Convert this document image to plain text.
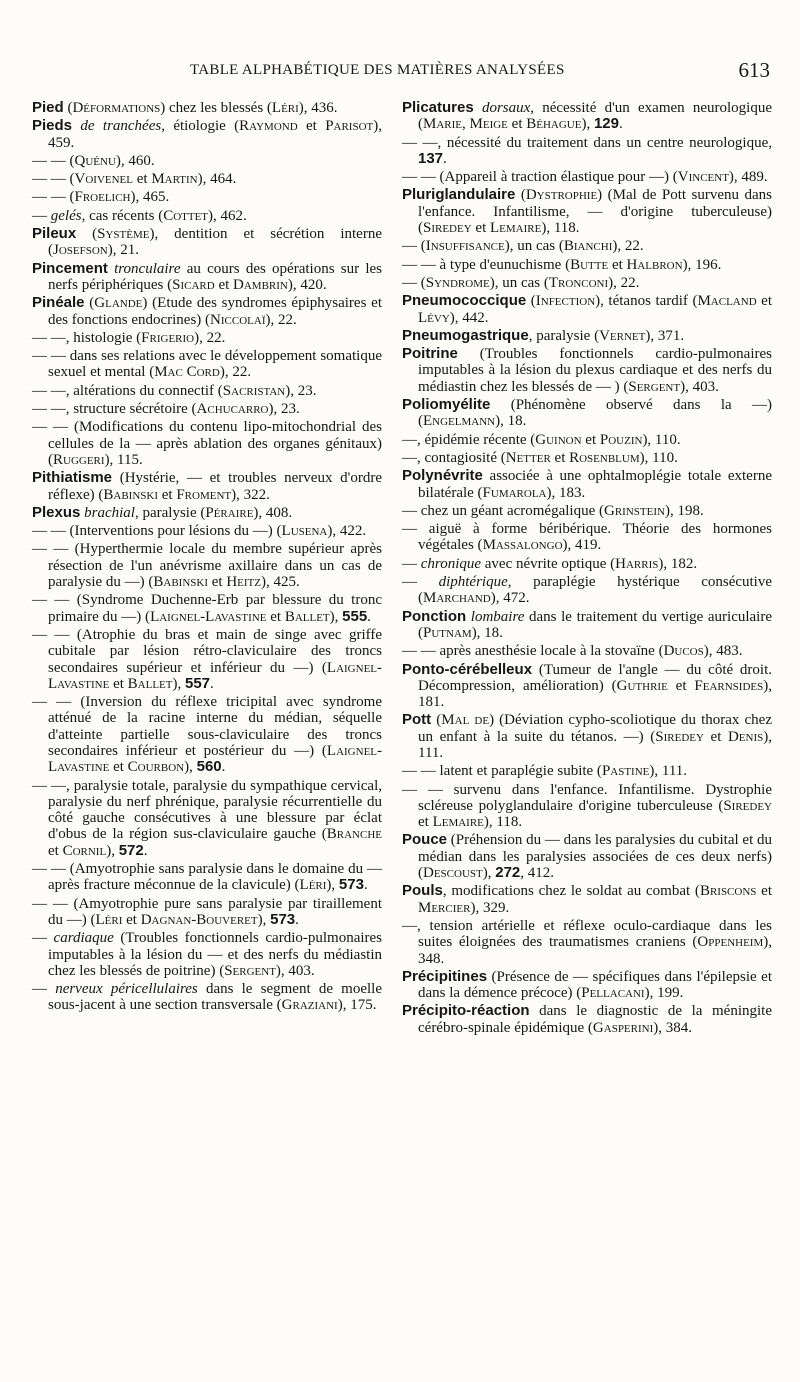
TABLE ALPHABÉTIQUE DES MATIÈRES ANALYSÉES	613

Pied (Déformations) chez les blessés (Léri), 436.

Pieds de tranchées, étiologie (Raymond et Parisot), 459.

— — (Quénu), 460.

— — (Voivenel et Martin), 464.

— — (Froelich), 465.

— gelés, cas récents (Cottet), 462.

Pileux (Système), dentition et sécrétion interne (Josefson), 21.

Pincement tronculaire au cours des opérations sur les nerfs périphériques (Sicard et Dambrin), 420.

Pinéale (Glande) (Etude des syndromes épiphysaires et des fonctions endocrines) (Niccolaï), 22.

— —, histologie (Frigerio), 22.

— — dans ses relations avec le développement somatique sexuel et mental (Mac Cord), 22.

— —, altérations du connectif (Sacristan), 23.

— —, structure sécrétoire (Achucarro), 23.

— — (Modifications du contenu lipo-mitochondrial des cellules de la — après ablation des organes génitaux) (Ruggeri), 115.

Pithiatisme (Hystérie, — et troubles nerveux d'ordre réflexe) (Babinski et Froment), 322.

Plexus brachial, paralysie (Péraire), 408.

— — (Interventions pour lésions du —) (Lusena), 422.

— — (Hyperthermie locale du membre supérieur après résection de l'un anévrisme axillaire dans un cas de paralysie du —) (Babinski et Heitz), 425.

— — (Syndrome Duchenne-Erb par blessure du tronc primaire du —) (Laignel-Lavastine et Ballet), 555.

— — (Atrophie du bras et main de singe avec griffe cubitale par lésion rétro-claviculaire des troncs secondaires supérieur et inférieur du —) (Laignel-Lavastine et Ballet), 557.

— — (Inversion du réflexe tricipital avec syndrome atténué de la racine interne du médian, séquelle d'atteinte partielle sous-claviculaire des troncs secondaires inférieur et postérieur du —) (Laignel-Lavastine et Courbon), 560.

— —, paralysie totale, paralysie du sympathique cervical, paralysie du nerf phrénique, paralysie récurrentielle du côté gauche consécutives à une blessure par éclat d'obus de la région sus-claviculaire gauche (Branche et Cornil), 572.

— — (Amyotrophie sans paralysie dans le domaine du — après fracture méconnue de la clavicule) (Léri), 573.

— — (Amyotrophie pure sans paralysie par tiraillement du —) (Léri et Dagnan-Bouveret), 573.

— cardiaque (Troubles fonctionnels cardio-pulmonaires imputables à la lésion du — et des nerfs du médiastin chez les blessés de poitrine) (Sergent), 403.

— nerveux péricellulaires dans le segment de moelle sous-jacent à une section transversale (Graziani), 175.

Plicatures dorsaux, nécessité d'un examen neurologique (Marie, Meige et Béhague), 129.

— —, nécessité du traitement dans un centre neurologique, 137.

— — (Appareil à traction élastique pour —) (Vincent), 489.

Pluriglandulaire (Dystrophie) (Mal de Pott survenu dans l'enfance. Infantilisme, — d'origine tuberculeuse) (Siredey et Lemaire), 118.

— (Insuffisance), un cas (Bianchi), 22.

— — à type d'eunuchisme (Butte et Halbron), 196.

— (Syndrome), un cas (Tronconi), 22.

Pneumococcique (Infection), tétanos tardif (Macland et Lévy), 442.

Pneumogastrique, paralysie (Vernet), 371.

Poitrine (Troubles fonctionnels cardio-pulmonaires imputables à la lésion du plexus cardiaque et des nerfs du médiastin chez les blessés de — ) (Sergent), 403.

Poliomyélite (Phénomène observé dans la —) (Engelmann), 18.

—, épidémie récente (Guinon et Pouzin), 110.

—, contagiosité (Netter et Rosenblum), 110.

Polynévrite associée à une ophtalmoplégie totale externe bilatérale (Fumarola), 183.

— chez un géant acromégalique (Grinstein), 198.

— aiguë à forme béribérique. Théorie des hormones végétales (Massalongo), 419.

— chronique avec névrite optique (Harris), 182.

— diphtérique, paraplégie hystérique consécutive (Marchand), 472.

Ponction lombaire dans le traitement du vertige auriculaire (Putnam), 18.

— — après anesthésie locale à la stovaïne (Ducos), 483.

Ponto-cérébelleux (Tumeur de l'angle — du côté droit. Décompression, amélioration) (Guthrie et Fearnsides), 181.

Pott (Mal de) (Déviation cypho-scoliotique du thorax chez un enfant à la suite du tétanos. —) (Siredey et Denis), 111.

— — latent et paraplégie subite (Pastine), 111.

— — survenu dans l'enfance. Infantilisme. Dystrophie scléreuse polyglandulaire d'origine tuberculeuse (Siredey et Lemaire), 118.

Pouce (Préhension du — dans les paralysies du cubital et du médian dans les paralysies associées de ces deux nerfs) (Descoust), 272, 412.

Pouls, modifications chez le soldat au combat (Briscons et Mercier), 329.

—, tension artérielle et réflexe oculo-cardiaque dans les suites éloignées des traumatismes craniens (Oppenheim), 348.

Précipitines (Présence de — spécifiques dans l'épilepsie et dans la démence précoce) (Pellacani), 199.

Précipito-réaction dans le diagnostic de la méningite cérébro-spinale épidémique (Gasperini), 384.
